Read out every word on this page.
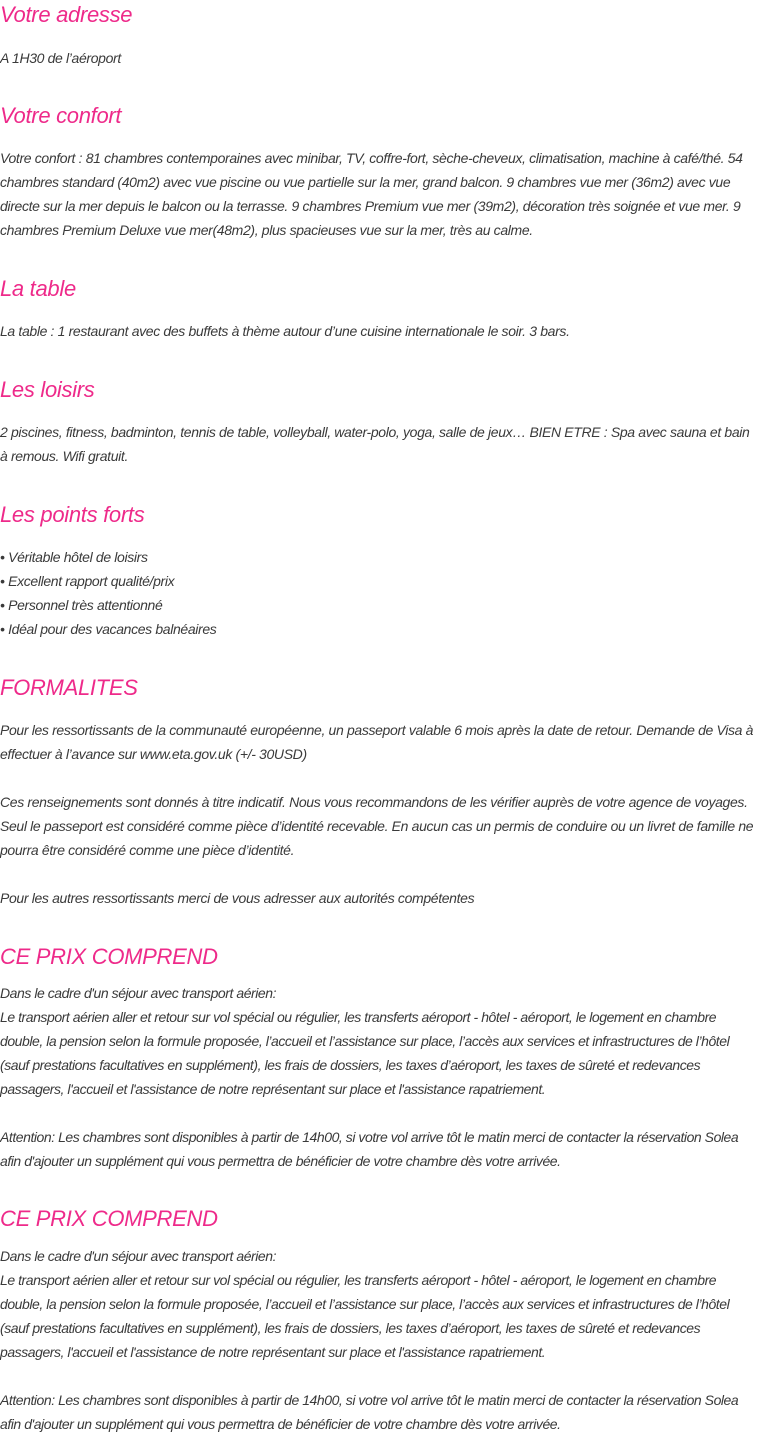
Votre adresse

A 1H30 de l’aéroport

Votre confort

Votre confort : 81 chambres contemporaines avec minibar, TV, coffre-fort, sèche-cheveux, climatisation, machine à café/thé. 54 chambres standard (40m2) avec vue piscine ou vue partielle sur la mer, grand balcon. 9 chambres vue mer (36m2) avec vue directe sur la mer depuis le balcon ou la terrasse. 9 chambres Premium vue mer (39m2), décoration très soignée et vue mer. 9 chambres Premium Deluxe vue mer(48m2), plus spacieuses vue sur la mer, très au calme.

La table

La table : 1 restaurant avec des buffets à thème autour d’une cuisine internationale le soir. 3 bars.

Les loisirs

2 piscines, fitness, badminton, tennis de table, volleyball, water-polo, yoga, salle de jeux… BIEN ETRE : Spa avec sauna et bain à remous. Wifi gratuit.

Les points forts

• Véritable hôtel de loisirs

• Excellent rapport qualité/prix

• Personnel très attentionné

• Idéal pour des vacances balnéaires

FORMALITES

Pour les ressortissants de la communauté européenne, un passeport valable 6 mois après la date de retour. Demande de Visa à effectuer à l’avance sur www.eta.gov.uk (+/- 30USD)

Ces renseignements sont donnés à titre indicatif. Nous vous recommandons de les vérifier auprès de votre agence de voyages. Seul le passeport est considéré comme pièce d’identité recevable. En aucun cas un permis de conduire ou un livret de famille ne pourra être considéré comme une pièce d’identité.

Pour les autres ressortissants merci de vous adresser aux autorités compétentes

CE PRIX COMPREND

Dans le cadre d'un séjour avec transport aérien:
Le transport aérien aller et retour sur vol spécial ou régulier, les transferts aéroport - hôtel - aéroport, le logement en chambre double, la pension selon la formule proposée, l’accueil et l’assistance sur place, l’accès aux services et infrastructures de l’hôtel (sauf prestations facultatives en supplément), les frais de dossiers, les taxes d’aéroport, les taxes de sûreté et redevances passagers, l'accueil et l'assistance de notre représentant sur place et l'assistance rapatriement.

Attention: Les chambres sont disponibles à partir de 14h00, si votre vol arrive tôt le matin merci de contacter la réservation Solea afin d'ajouter un supplément qui vous permettra de bénéficier de votre chambre dès votre arrivée.

CE PRIX COMPREND

Dans le cadre d'un séjour avec transport aérien:
Le transport aérien aller et retour sur vol spécial ou régulier, les transferts aéroport - hôtel - aéroport, le logement en chambre double, la pension selon la formule proposée, l’accueil et l’assistance sur place, l’accès aux services et infrastructures de l’hôtel (sauf prestations facultatives en supplément), les frais de dossiers, les taxes d’aéroport, les taxes de sûreté et redevances passagers, l'accueil et l'assistance de notre représentant sur place et l'assistance rapatriement.

Attention: Les chambres sont disponibles à partir de 14h00, si votre vol arrive tôt le matin merci de contacter la réservation Solea afin d'ajouter un supplément qui vous permettra de bénéficier de votre chambre dès votre arrivée.
